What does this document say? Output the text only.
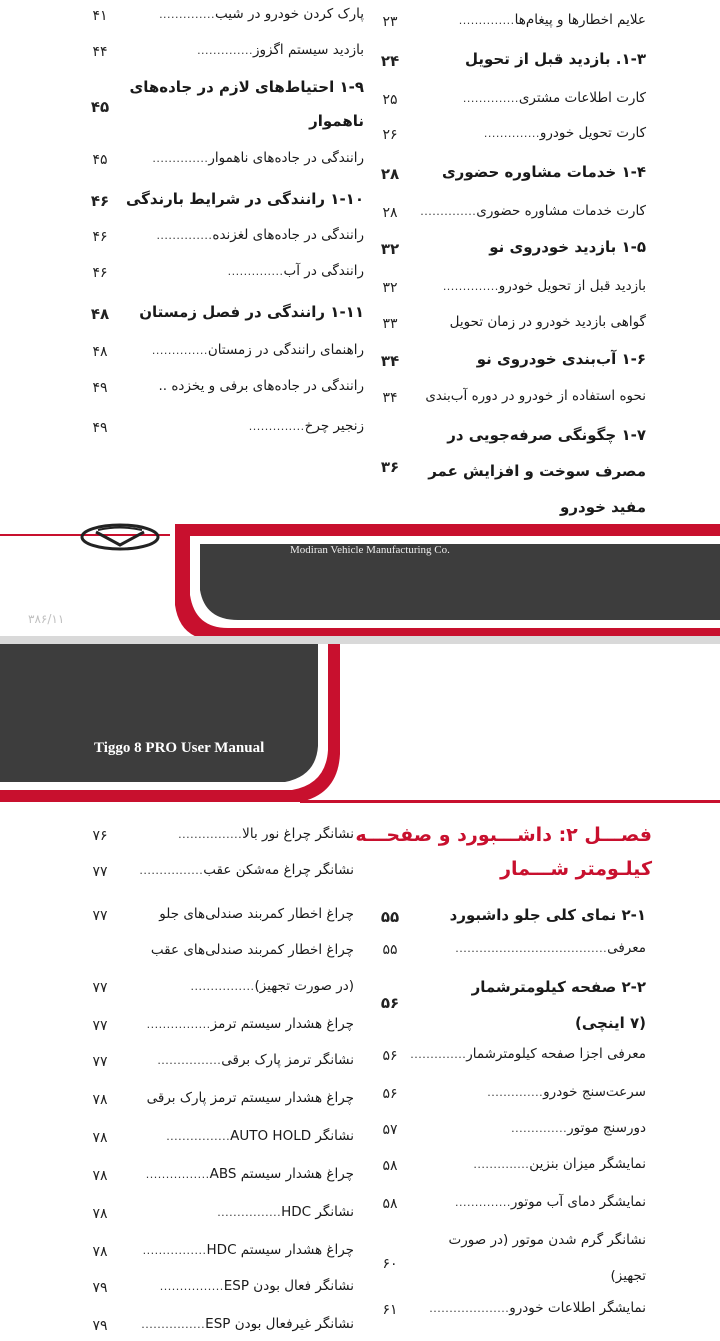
علایم اخطارها و پیغام‌ها..............
۲۳
۱-۳. بازدید قبل از تحویل
۲۴
کارت اطلاعات مشتری..............
۲۵
کارت تحویل خودرو..............
۲۶
۱-۴ خدمات مشاوره حضوری
۲۸
کارت خدمات مشاوره حضوری..............
۲۸
۱-۵ بازدید خودروی نو
۳۲
بازدید قبل از تحویل خودرو..............
۳۲
گواهی بازدید خودرو در زمان تحویل
۳۳
۱-۶ آب‌بندی خودروی نو
۳۴
نحوه استفاده از خودرو در دوره آب‌بندی
۳۴
۱-۷ چگونگی صرفه‌جویی در
مصرف سوخت و افزایش عمر
مفید خودرو
۳۶
پارک کردن خودرو در شیب..............
۴۱
بازدید سیستم اگزوز..............
۴۴
۱-۹ احتیاط‌های لازم در جاده‌های
ناهموار
۴۵
رانندگی در جاده‌های ناهموار..............
۴۵
۱-۱۰ رانندگی در شرایط بارندگی
۴۶
رانندگی در جاده‌های لغزنده..............
۴۶
رانندگی در آب..............
۴۶
۱-۱۱ رانندگی در فصل زمستان
۴۸
راهنمای رانندگی در زمستان..............
۴۸
رانندگی در جاده‌های برفی و یخزده ..
۴۹
زنجیر چرخ..............
۴۹
Modiran Vehicle Manufacturing Co.
۳۸۶/۱۱
Tiggo 8 PRO User Manual
فصـــل ۲: داشـــبورد و صفحـــه
کیلـومتر شـــمار
۲-۱ نمای کلی جلو داشبورد
۵۵
معرفی......................................
۵۵
۲-۲ صفحه کیلومترشمار
(۷ اینچی)
۵۶
معرفی اجزا صفحه کیلومترشمار..............
۵۶
سرعت‌سنج خودرو..............
۵۶
دورسنج موتور..............
۵۷
نمایشگر میزان بنزین..............
۵۸
نمایشگر دمای آب موتور..............
۵۸
نشانگر گرم شدن موتور (در صورت
تجهیز)
۶۰
نمایشگر اطلاعات خودرو....................
۶۱
نشانگر چراغ نور بالا................
۷۶
نشانگر چراغ مه‌شکن عقب................
۷۷
چراغ اخطار کمربند صندلی‌های جلو
۷۷
چراغ اخطار کمربند صندلی‌های عقب
(در صورت تجهیز)................
۷۷
چراغ هشدار سیستم ترمز................
۷۷
نشانگر ترمز پارک برقی................
۷۷
چراغ هشدار سیستم ترمز پارک برقی
۷۸
نشانگر AUTO HOLD................
۷۸
چراغ هشدار سیستم ABS................
۷۸
نشانگر HDC................
۷۸
چراغ هشدار سیستم HDC................
۷۸
نشانگر فعال بودن ESP................
۷۹
نشانگر غیرفعال بودن ESP................
۷۹
